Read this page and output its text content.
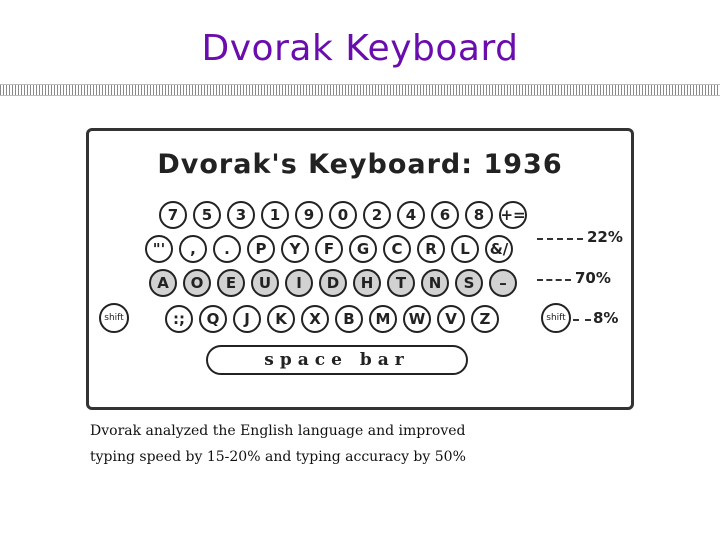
Dvorak Keyboard
Dvorak's Keyboard: 1936
7	5	3	1	9	0	2	4	6	8	+=
"'	,	.	P	Y	F	G	C	R	L	&/
A	O	E	U	I	D	H	T	N	S	–
:;	Q	J	K	X	B	M	W	V	Z
shift	shift
space bar
22%
70%
8%
Dvorak analyzed the English language and improved
typing speed by 15-20% and typing accuracy by 50%
